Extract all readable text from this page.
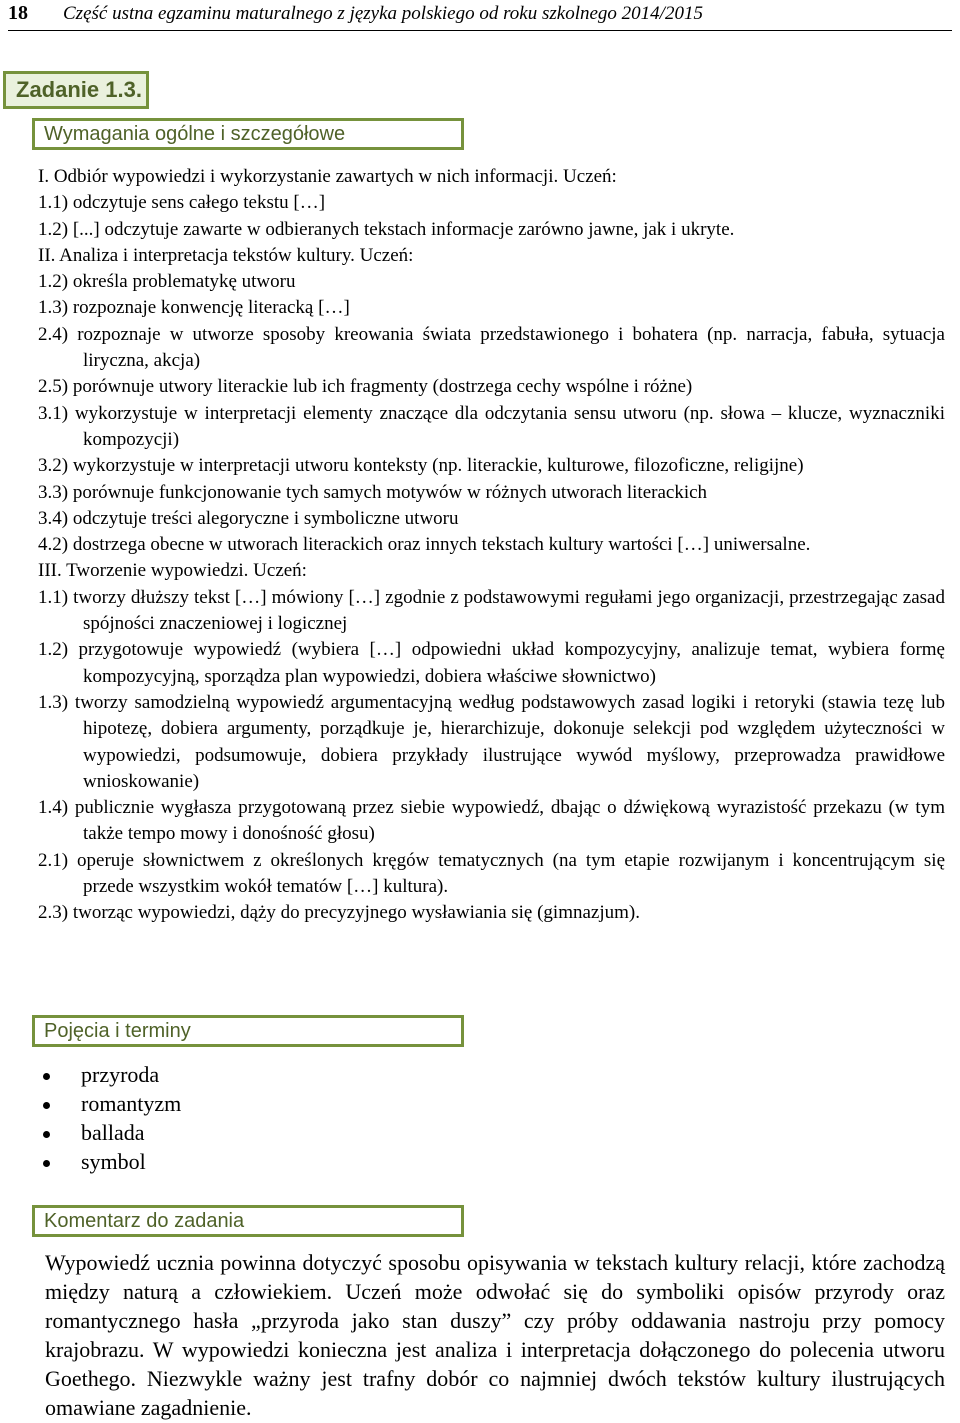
18 Część ustna egzaminu maturalnego z języka polskiego od roku szkolnego 2014/2015
Zadanie 1.3.
Wymagania ogólne i szczegółowe
I. Odbiór wypowiedzi i wykorzystanie zawartych w nich informacji. Uczeń:
1.1) odczytuje sens całego tekstu […]
1.2) [...] odczytuje zawarte w odbieranych tekstach informacje zarówno jawne, jak i ukryte.
II. Analiza i interpretacja tekstów kultury. Uczeń:
1.2) określa problematykę utworu
1.3) rozpoznaje konwencję literacką […]
2.4) rozpoznaje w utworze sposoby kreowania świata przedstawionego i bohatera (np. narracja, fabuła, sytuacja liryczna, akcja)
2.5) porównuje utwory literackie lub ich fragmenty (dostrzega cechy wspólne i różne)
3.1) wykorzystuje w interpretacji elementy znaczące dla odczytania sensu utworu (np. słowa – klucze, wyznaczniki kompozycji)
3.2) wykorzystuje w interpretacji utworu konteksty (np. literackie, kulturowe, filozoficzne, religijne)
3.3) porównuje funkcjonowanie tych samych motywów w różnych utworach literackich
3.4) odczytuje treści alegoryczne i symboliczne utworu
4.2) dostrzega obecne w utworach literackich oraz innych tekstach kultury wartości […] uniwersalne.
III. Tworzenie wypowiedzi. Uczeń:
1.1) tworzy dłuższy tekst […] mówiony […] zgodnie z podstawowymi regułami jego organizacji, przestrzegając zasad spójności znaczeniowej i logicznej
1.2) przygotowuje wypowiedź (wybiera […] odpowiedni układ kompozycyjny, analizuje temat, wybiera formę kompozycyjną, sporządza plan wypowiedzi, dobiera właściwe słownictwo)
1.3) tworzy samodzielną wypowiedź argumentacyjną według podstawowych zasad logiki i retoryki (stawia tezę lub hipotezę, dobiera argumenty, porządkuje je, hierarchizuje, dokonuje selekcji pod względem użyteczności w wypowiedzi, podsumowuje, dobiera przykłady ilustrujące wywód myślowy, przeprowadza prawidłowe wnioskowanie)
1.4) publicznie wygłasza przygotowaną przez siebie wypowiedź, dbając o dźwiękową wyrazistość przekazu (w tym także tempo mowy i donośność głosu)
2.1) operuje słownictwem z określonych kręgów tematycznych (na tym etapie rozwijanym i koncentrującym się przede wszystkim wokół tematów […] kultura).
2.3) tworząc wypowiedzi, dąży do precyzyjnego wysławiania się (gimnazjum).
Pojęcia i terminy
przyroda
romantyzm
ballada
symbol
Komentarz do zadania
Wypowiedź ucznia powinna dotyczyć sposobu opisywania w tekstach kultury relacji, które zachodzą między naturą a człowiekiem. Uczeń może odwołać się do symboliki opisów przyrody oraz romantycznego hasła „przyroda jako stan duszy” czy próby oddawania nastroju przy pomocy krajobrazu. W wypowiedzi konieczna jest analiza i interpretacja dołączonego do polecenia utworu Goethego. Niezwykle ważny jest trafny dobór co najmniej dwóch tekstów kultury ilustrujących omawiane zagadnienie.
